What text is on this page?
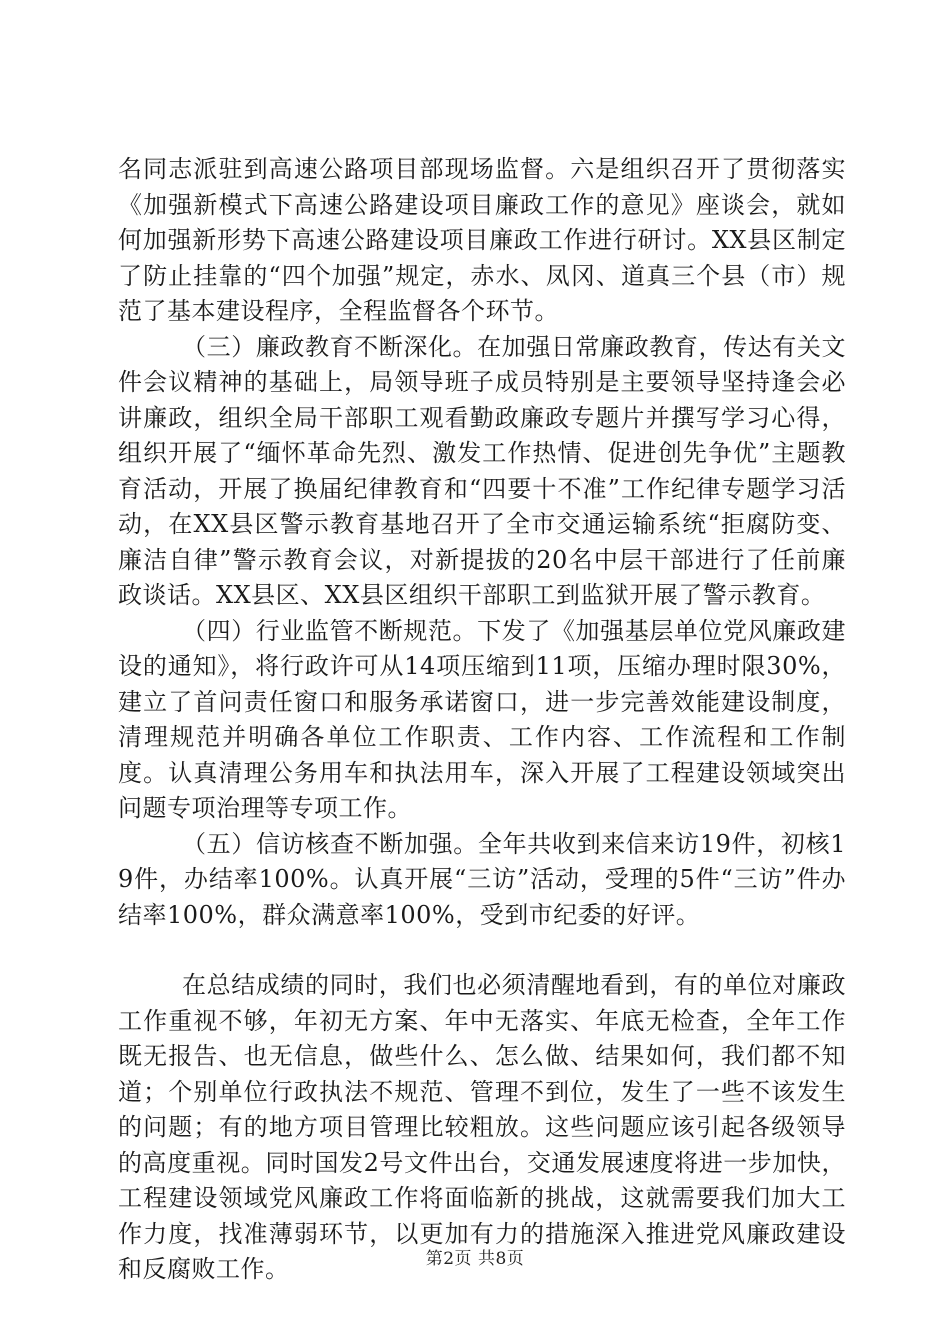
名同志派驻到高速公路项目部现场监督。六是组织召开了贯彻落实《加强新模式下高速公路建设项目廉政工作的意见》座谈会，就如何加强新形势下高速公路建设项目廉政工作进行研讨。XX县区制定了防止挂靠的“四个加强”规定，赤水、凤冈、道真三个县（市）规范了基本建设程序，全程监督各个环节。

（三）廉政教育不断深化。在加强日常廉政教育，传达有关文件会议精神的基础上，局领导班子成员特别是主要领导坚持逢会必讲廉政，组织全局干部职工观看勤政廉政专题片并撰写学习心得，组织开展了“缅怀革命先烈、激发工作热情、促进创先争优”主题教育活动，开展了换届纪律教育和“四要十不准”工作纪律专题学习活动，在XX县区警示教育基地召开了全市交通运输系统“拒腐防变、廉洁自律”警示教育会议，对新提拔的20名中层干部进行了任前廉政谈话。XX县区、XX县区组织干部职工到监狱开展了警示教育。

（四）行业监管不断规范。下发了《加强基层单位党风廉政建设的通知》，将行政许可从14项压缩到11项，压缩办理时限30%，建立了首问责任窗口和服务承诺窗口，进一步完善效能建设制度，清理规范并明确各单位工作职责、工作内容、工作流程和工作制度。认真清理公务用车和执法用车，深入开展了工程建设领域突出问题专项治理等专项工作。

（五）信访核查不断加强。全年共收到来信来访19件，初核19件，办结率100%。认真开展“三访”活动，受理的5件“三访”件办结率100%，群众满意率100%，受到市纪委的好评。

在总结成绩的同时，我们也必须清醒地看到，有的单位对廉政工作重视不够，年初无方案、年中无落实、年底无检查，全年工作既无报告、也无信息，做些什么、怎么做、结果如何，我们都不知道；个别单位行政执法不规范、管理不到位，发生了一些不该发生的问题；有的地方项目管理比较粗放。这些问题应该引起各级领导的高度重视。同时国发2号文件出台，交通发展速度将进一步加快，工程建设领域党风廉政工作将面临新的挑战，这就需要我们加大工作力度，找准薄弱环节，以更加有力的措施深入推进党风廉政建设和反腐败工作。	第2页 共8页
